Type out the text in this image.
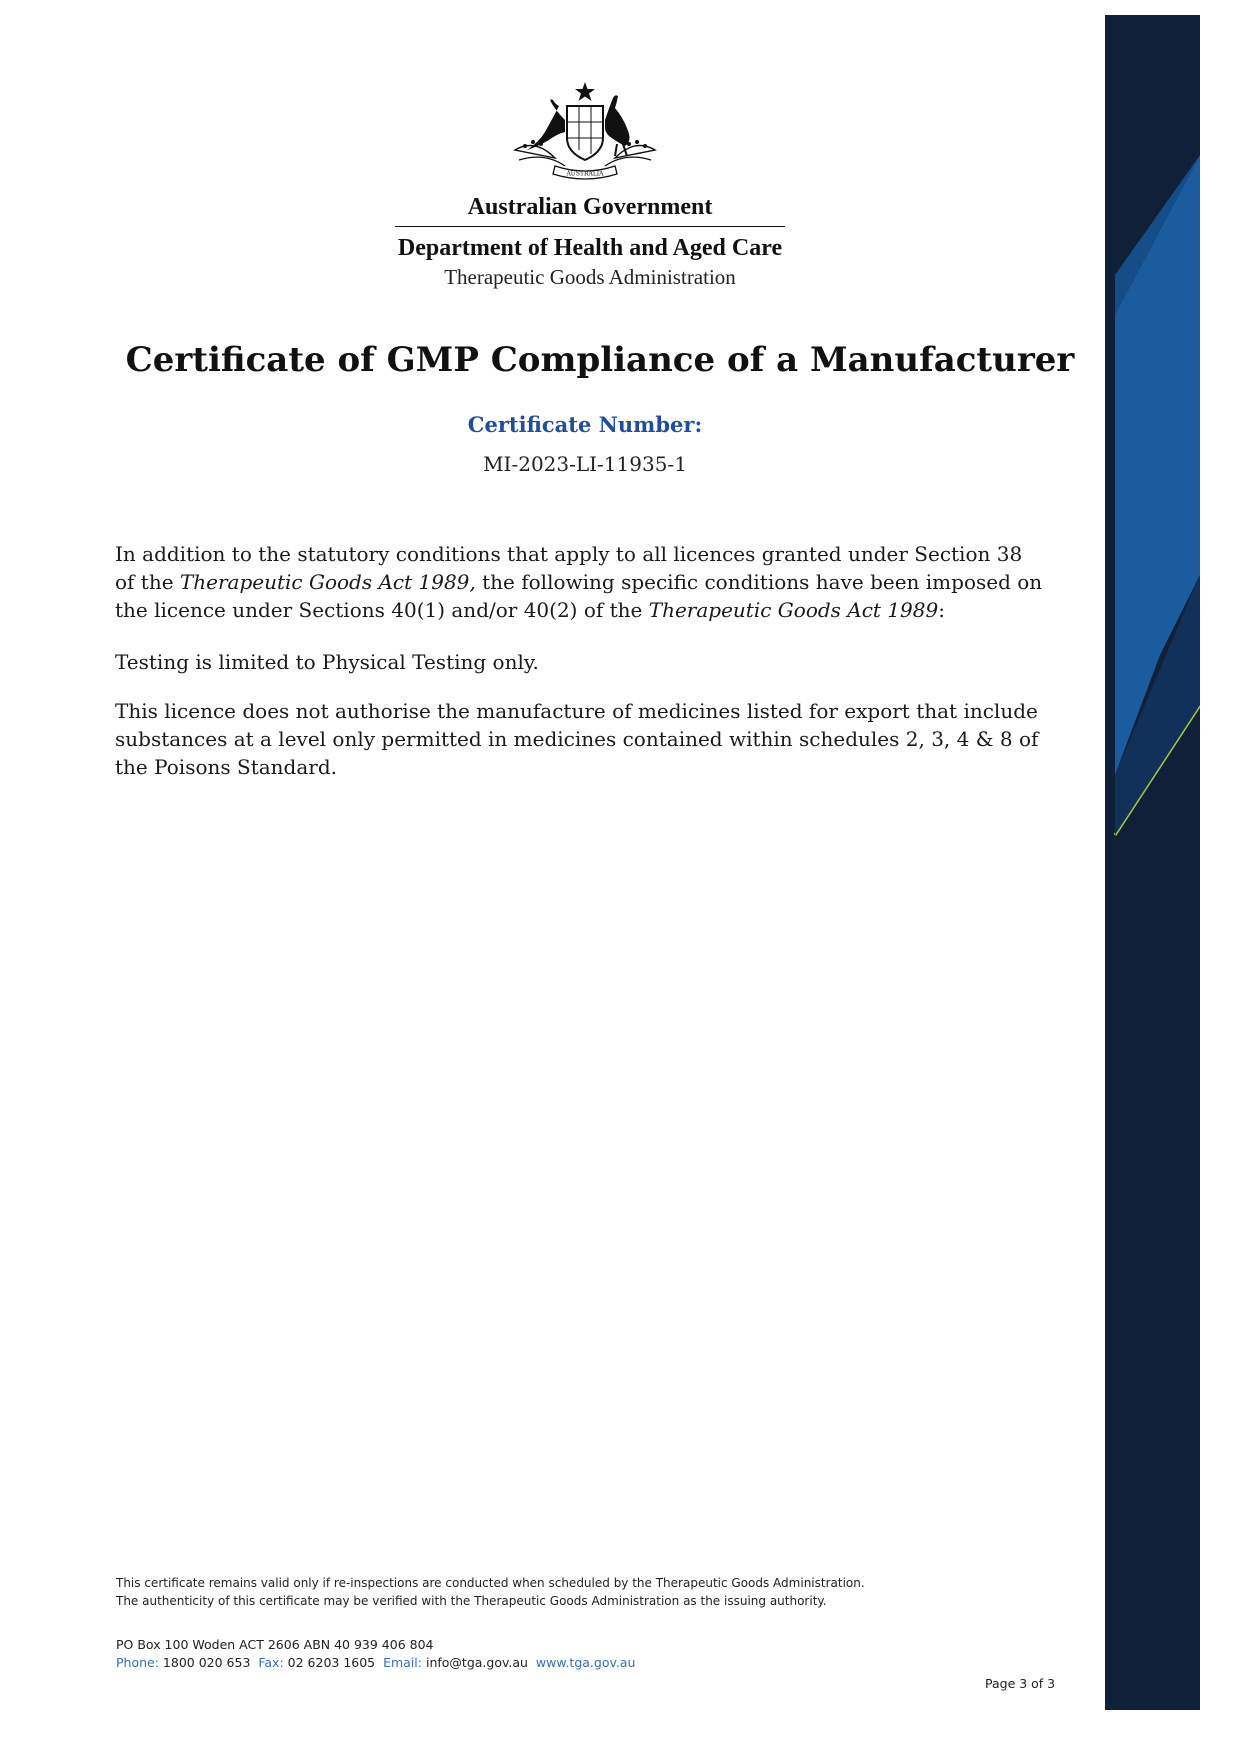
AUSTRALIA
Australian Government
Department of Health and Aged Care
Therapeutic Goods Administration
Certificate of GMP Compliance of a Manufacturer
Certificate Number:
MI-2023-LI-11935-1
In addition to the statutory conditions that apply to all licences granted under Section 38 of the Therapeutic Goods Act 1989, the following specific conditions have been imposed on the licence under Sections 40(1) and/or 40(2) of the Therapeutic Goods Act 1989:
Testing is limited to Physical Testing only.
This licence does not authorise the manufacture of medicines listed for export that include substances at a level only permitted in medicines contained within schedules 2, 3, 4 & 8 of the Poisons Standard.
This certificate remains valid only if re-inspections are conducted when scheduled by the Therapeutic Goods Administration.
The authenticity of this certificate may be verified with the Therapeutic Goods Administration as the issuing authority.
PO Box 100 Woden ACT 2606 ABN 40 939 406 804
Phone: 1800 020 653 Fax: 02 6203 1605 Email: info@tga.gov.au www.tga.gov.au
Page 3 of 3
